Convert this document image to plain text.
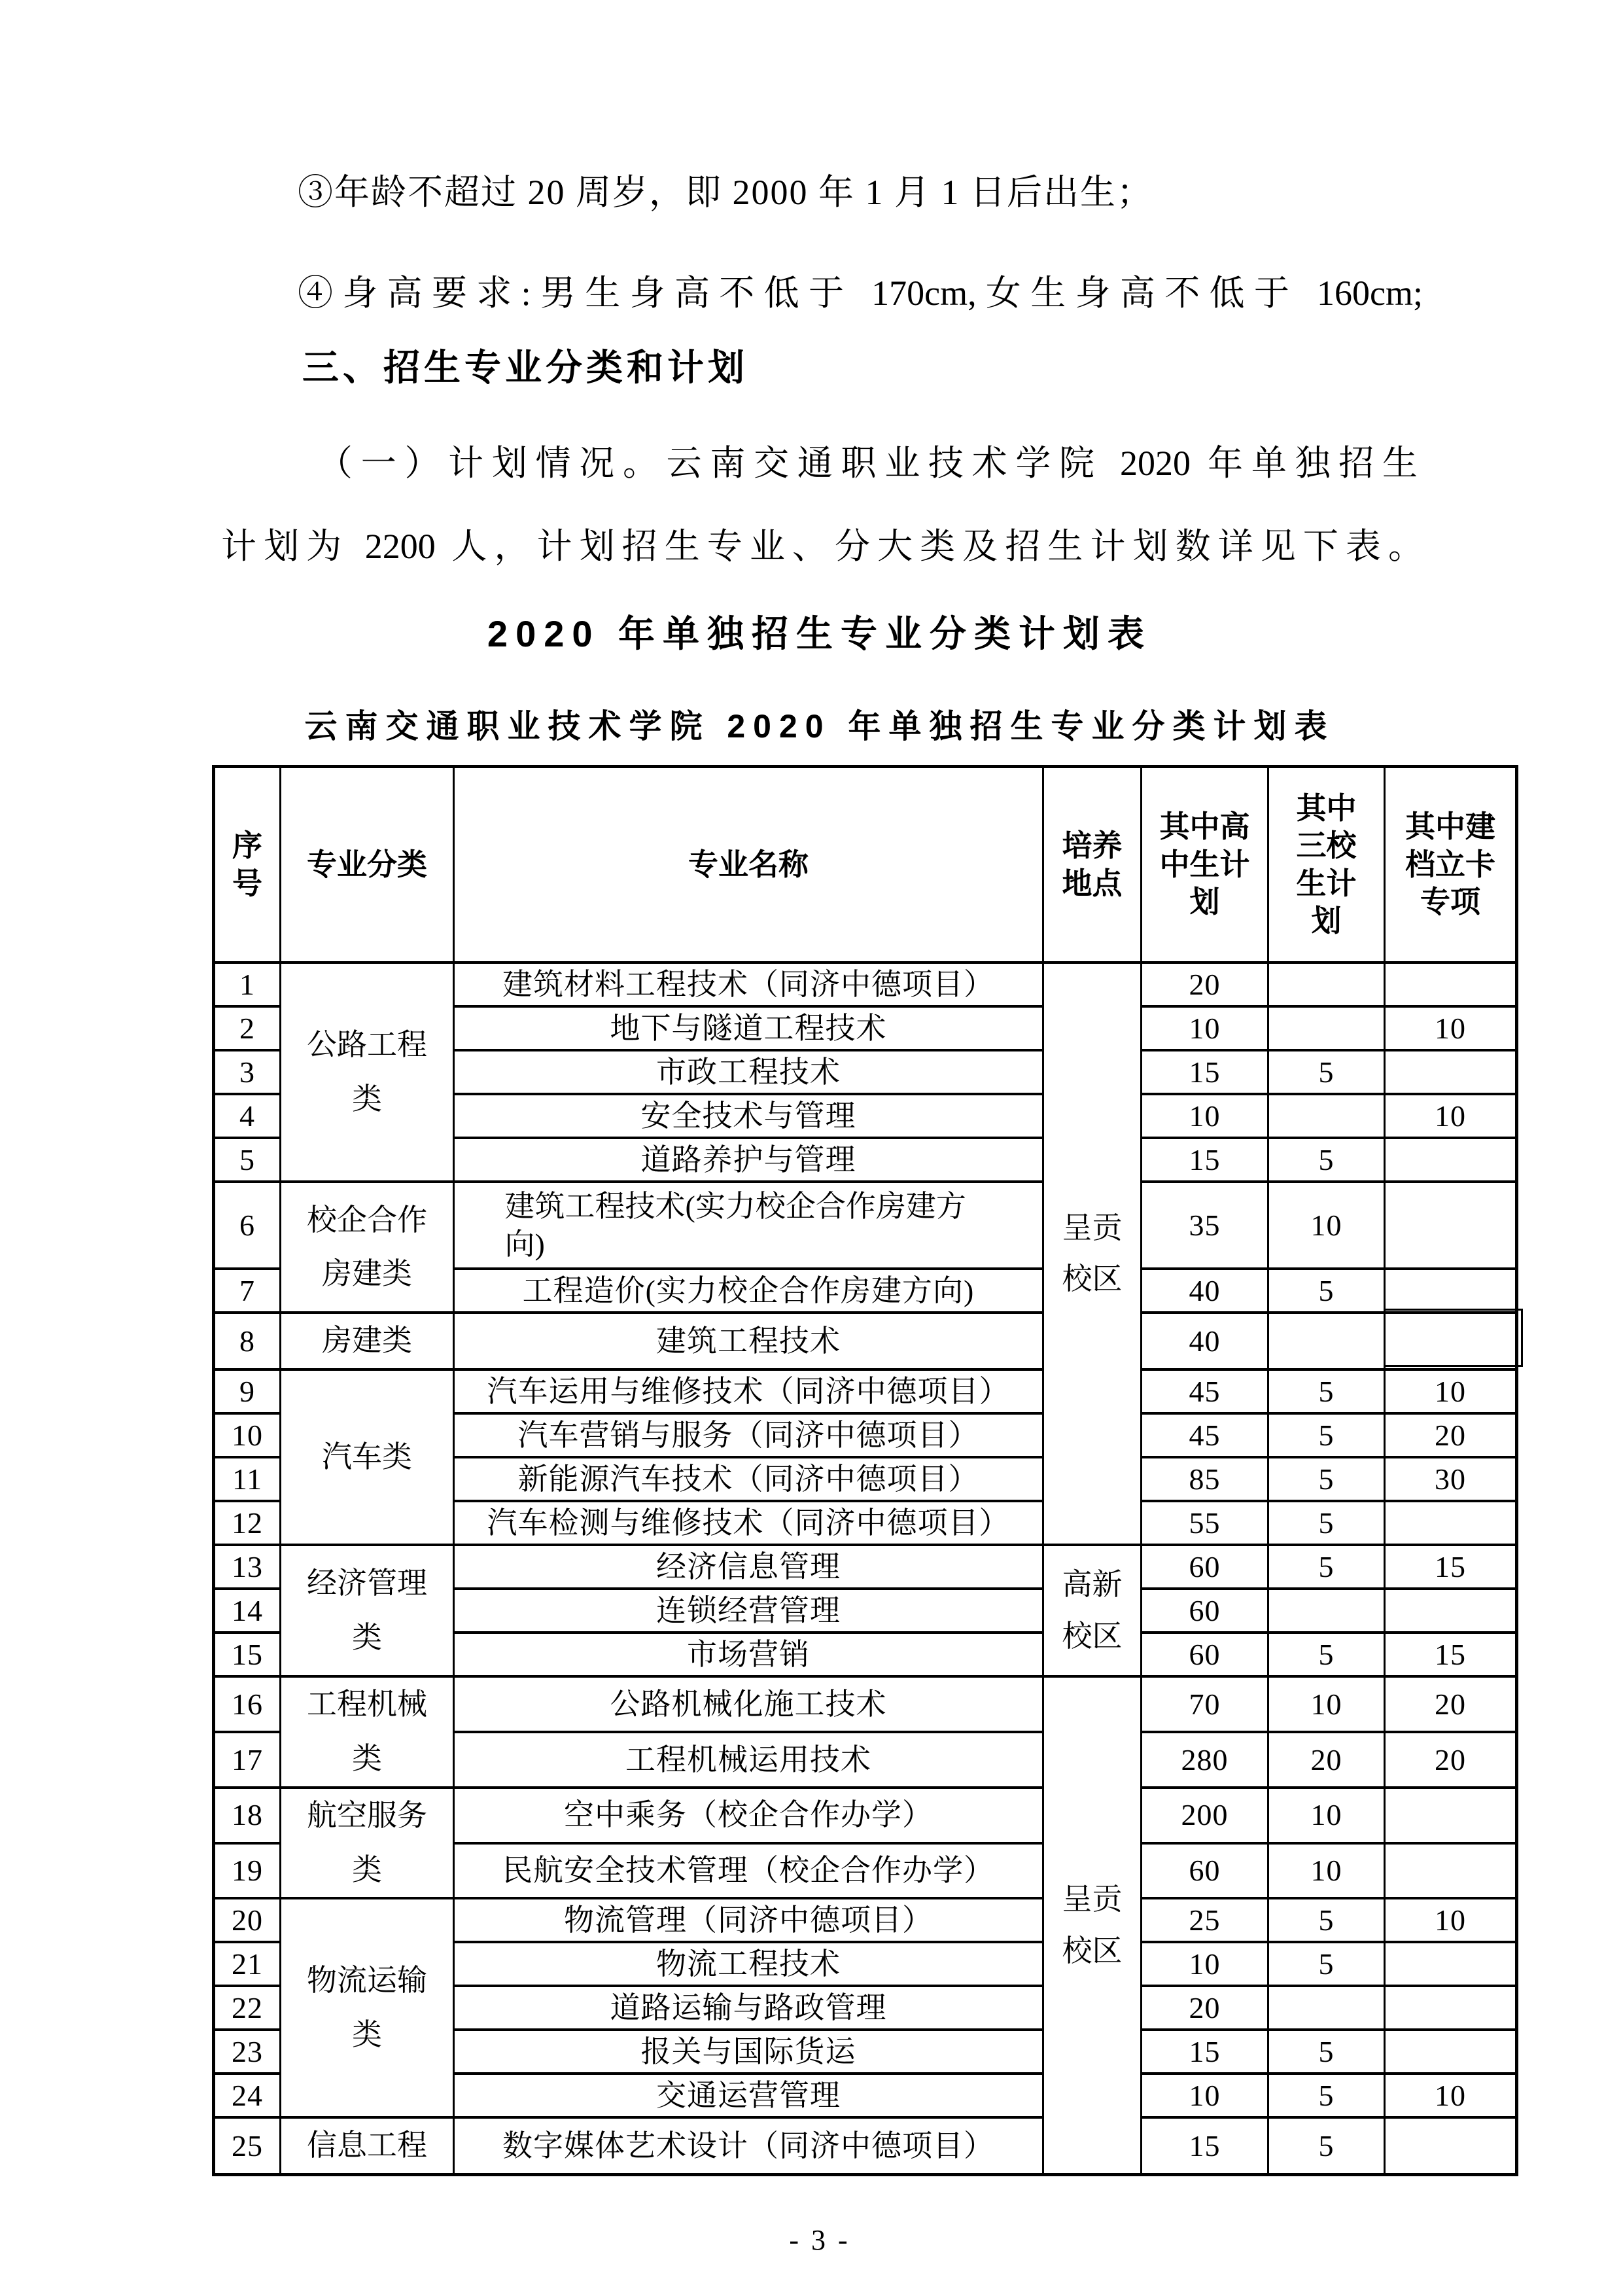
③年龄不超过 20 周岁，即 2000 年 1 月 1 日后出生；

④身高要求:男生身高不低于 170cm,女生身高不低于 160cm;

三、招生专业分类和计划

（一）计划情况。云南交通职业技术学院 2020 年单独招生

计划为 2200 人，计划招生专业、分大类及招生计划数详见下表。

2020 年单独招生专业分类计划表
云南交通职业技术学院 2020 年单独招生专业分类计划表
序号	专业分类	专业名称	培养地点	其中高中生计划	其中三校生计划	其中建档立卡专项
1	公路工程类	建筑材料工程技术（同济中德项目）	呈贡校区	20		
2		地下与隧道工程技术		10		10
3		市政工程技术		15	5	
4		安全技术与管理		10		10
5		道路养护与管理		15	5	
6	校企合作房建类	建筑工程技术(实力校企合作房建方向)		35	10	
7		工程造价(实力校企合作房建方向)		40	5	
8	房建类	建筑工程技术		40		
9	汽车类	汽车运用与维修技术（同济中德项目）		45	5	10
10		汽车营销与服务（同济中德项目）		45	5	20
11		新能源汽车技术（同济中德项目）		85	5	30
12		汽车检测与维修技术（同济中德项目）		55	5	
13	经济管理类	经济信息管理	高新校区	60	5	15
14		连锁经营管理		60		
15		市场营销		60	5	15
16	工程机械类	公路机械化施工技术	呈贡校区	70	10	20
17		工程机械运用技术		280	20	20
18	航空服务类	空中乘务（校企合作办学）		200	10	
19		民航安全技术管理（校企合作办学）		60	10	
20	物流运输类	物流管理（同济中德项目）		25	5	10
21		物流工程技术		10	5	
22		道路运输与路政管理		20		
23		报关与国际货运		15	5	
24		交通运营管理		10	5	10
25	信息工程	数字媒体艺术设计（同济中德项目）		15	5	
- 3 -
